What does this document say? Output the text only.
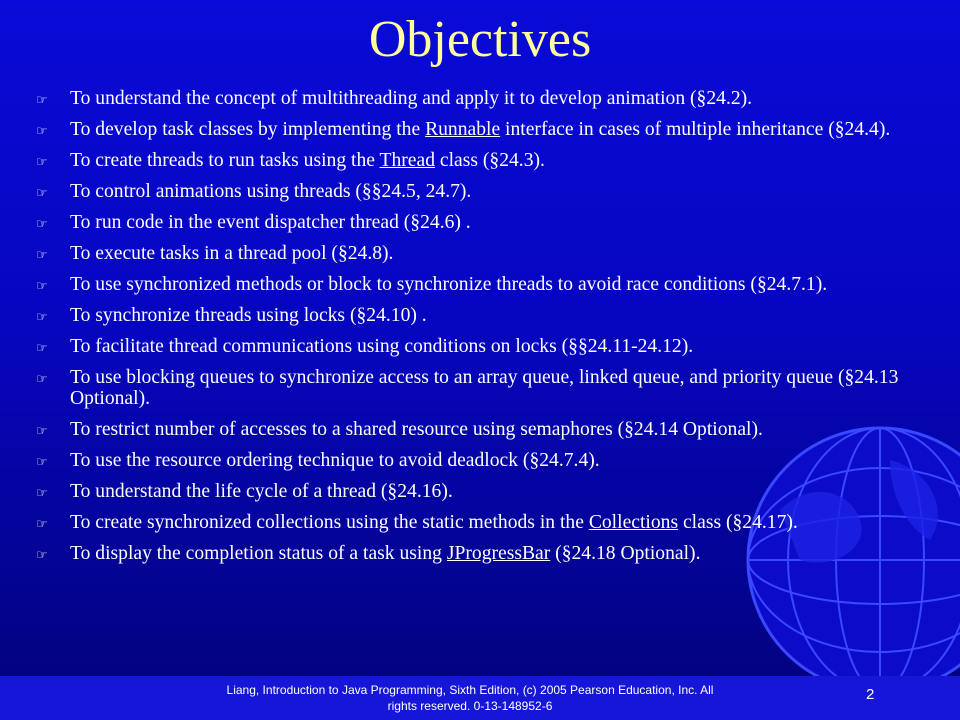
Objectives
☞ To understand the concept of multithreading and apply it to develop animation (§24.2).
☞ To develop task classes by implementing the Runnable interface in cases of multiple inheritance (§24.4).
☞ To create threads to run tasks using the Thread class (§24.3).
☞ To control animations using threads (§§24.5, 24.7).
☞ To run code in the event dispatcher thread (§24.6) .
☞ To execute tasks in a thread pool (§24.8).
☞ To use synchronized methods or block to synchronize threads to avoid race conditions (§24.7.1).
☞ To synchronize threads using locks (§24.10) .
☞ To facilitate thread communications using conditions on locks (§§24.11-24.12).
☞ To use blocking queues to synchronize access to an array queue, linked queue, and priority queue (§24.13 Optional).
☞ To restrict number of accesses to a shared resource using semaphores (§24.14 Optional).
☞ To use the resource ordering technique to avoid deadlock (§24.7.4).
☞ To understand the life cycle of a thread (§24.16).
☞ To create synchronized collections using the static methods in the Collections class (§24.17).
☞ To display the completion status of a task using JProgressBar (§24.18 Optional).
Liang, Introduction to Java Programming, Sixth Edition, (c) 2005 Pearson Education, Inc. All
rights reserved. 0-13-148952-6
2
